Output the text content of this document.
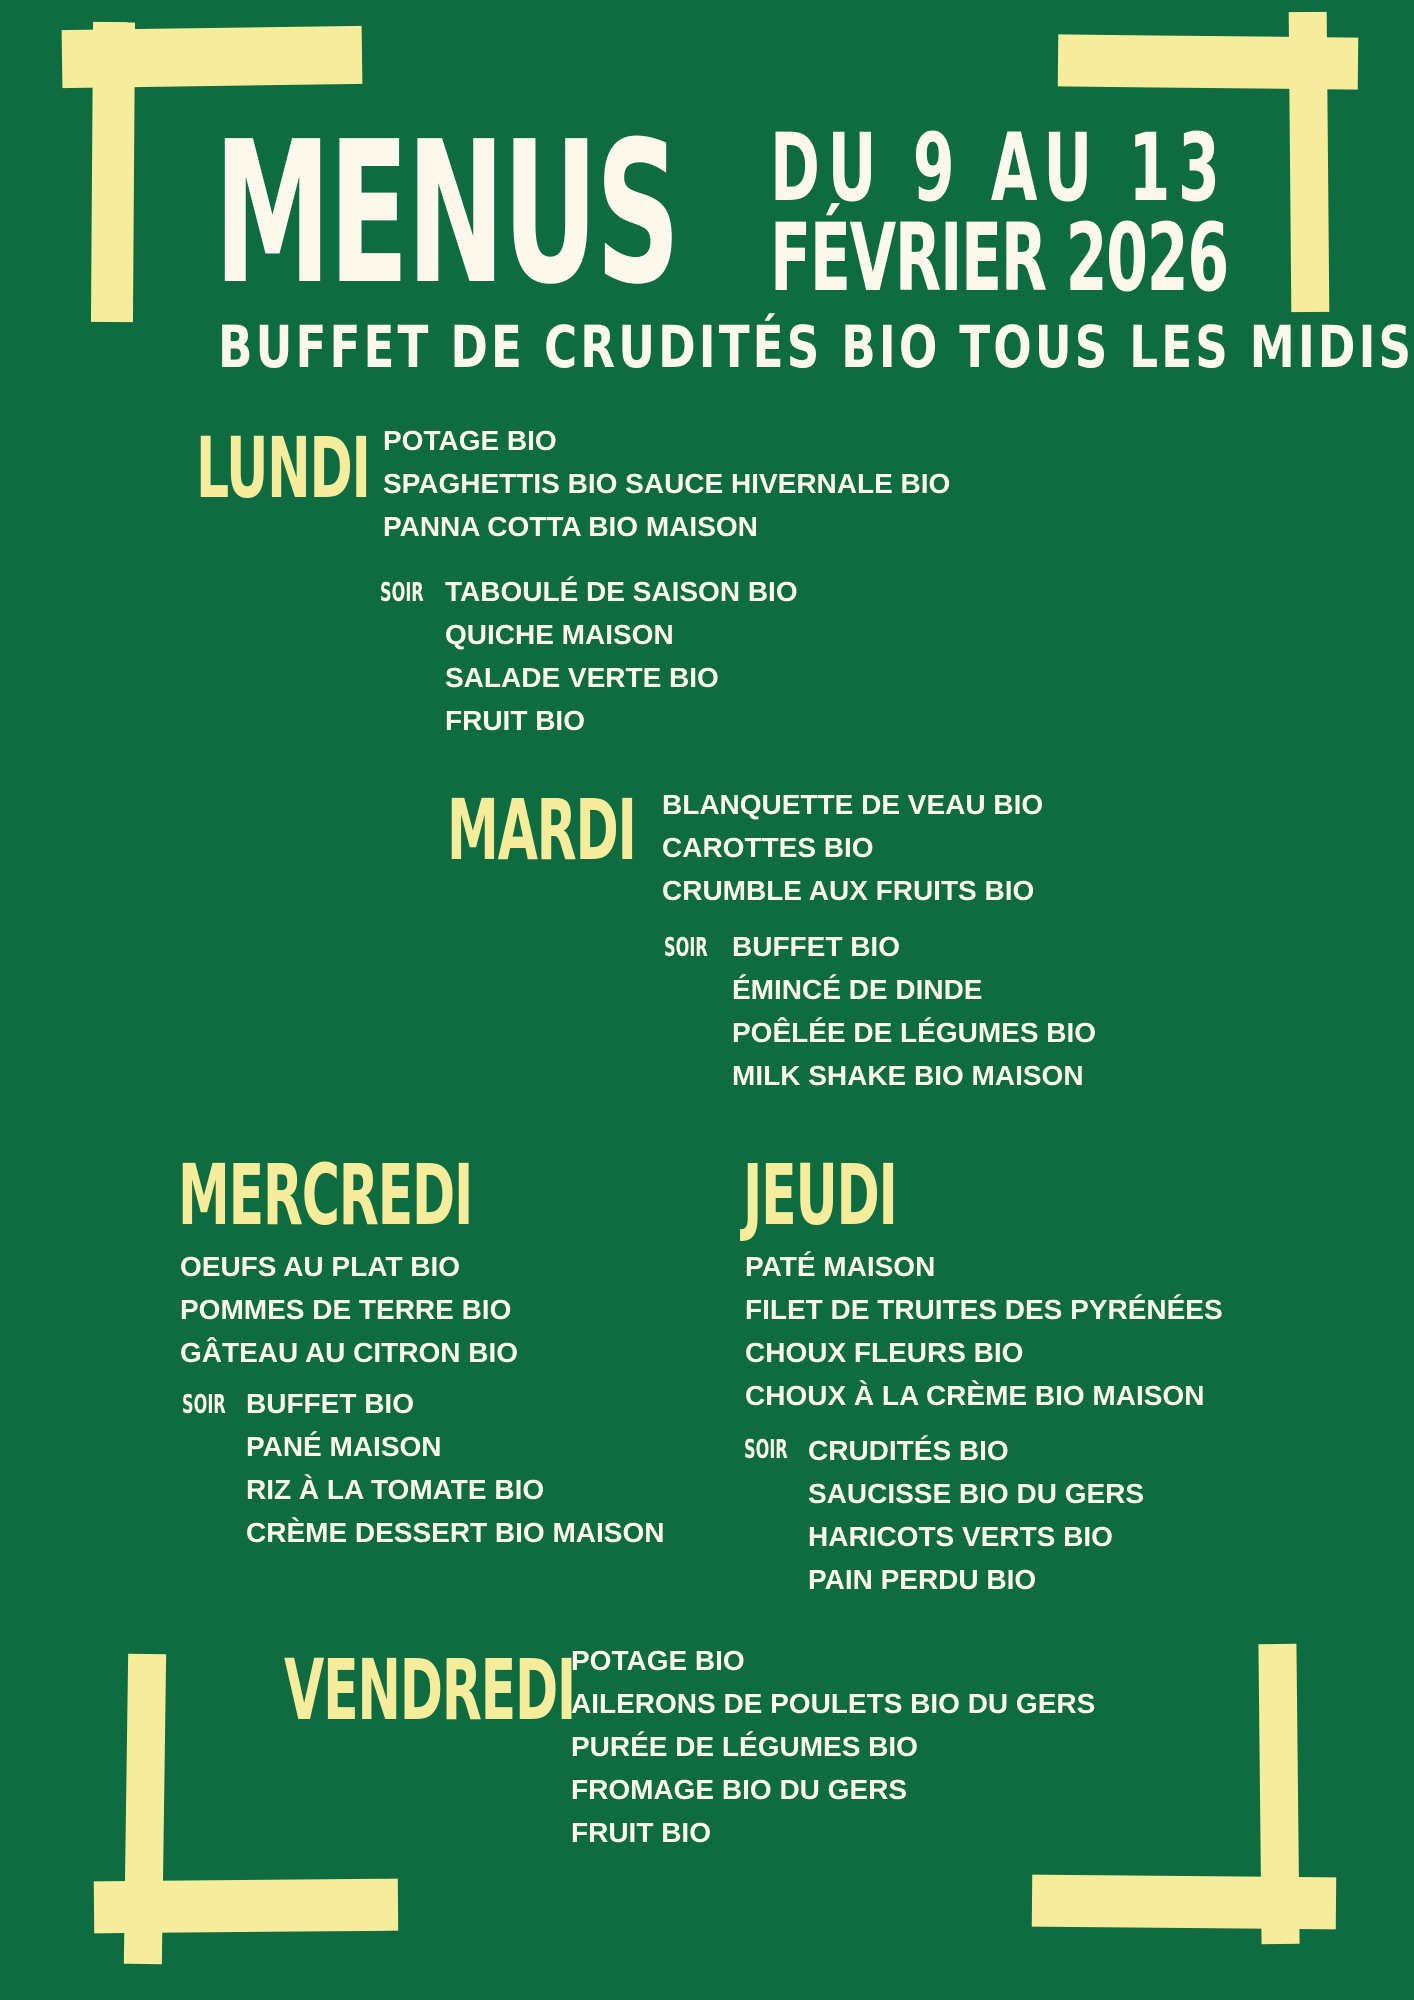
MENUS DU 9 AU 13
FÉVRIER 2026
BUFFET DE CRUDITÉS BIO TOUS LES MIDIS
LUNDI POTAGE BIO
SPAGHETTIS BIO SAUCE HIVERNALE BIO
PANNA COTTA BIO MAISON
SOIR TABOULÉ DE SAISON BIO
QUICHE MAISON
SALADE VERTE BIO
FRUIT BIO
MARDI BLANQUETTE DE VEAU BIO
CAROTTES BIO
CRUMBLE AUX FRUITS BIO
SOIR BUFFET BIO
ÉMINCÉ DE DINDE
POÊLÉE DE LÉGUMES BIO
MILK SHAKE BIO MAISON
MERCREDI
OEUFS AU PLAT BIO
POMMES DE TERRE BIO
GÂTEAU AU CITRON BIO
SOIR BUFFET BIO
PANÉ MAISON
RIZ À LA TOMATE BIO
CRÈME DESSERT BIO MAISON
JEUDI
PATÉ MAISON
FILET DE TRUITES DES PYRÉNÉES
CHOUX FLEURS BIO
CHOUX À LA CRÈME BIO MAISON
SOIR CRUDITÉS BIO
SAUCISSE BIO DU GERS
HARICOTS VERTS BIO
PAIN PERDU BIO
VENDREDI
POTAGE BIO
AILERONS DE POULETS BIO DU GERS
PURÉE DE LÉGUMES BIO
FROMAGE BIO DU GERS
FRUIT BIO
